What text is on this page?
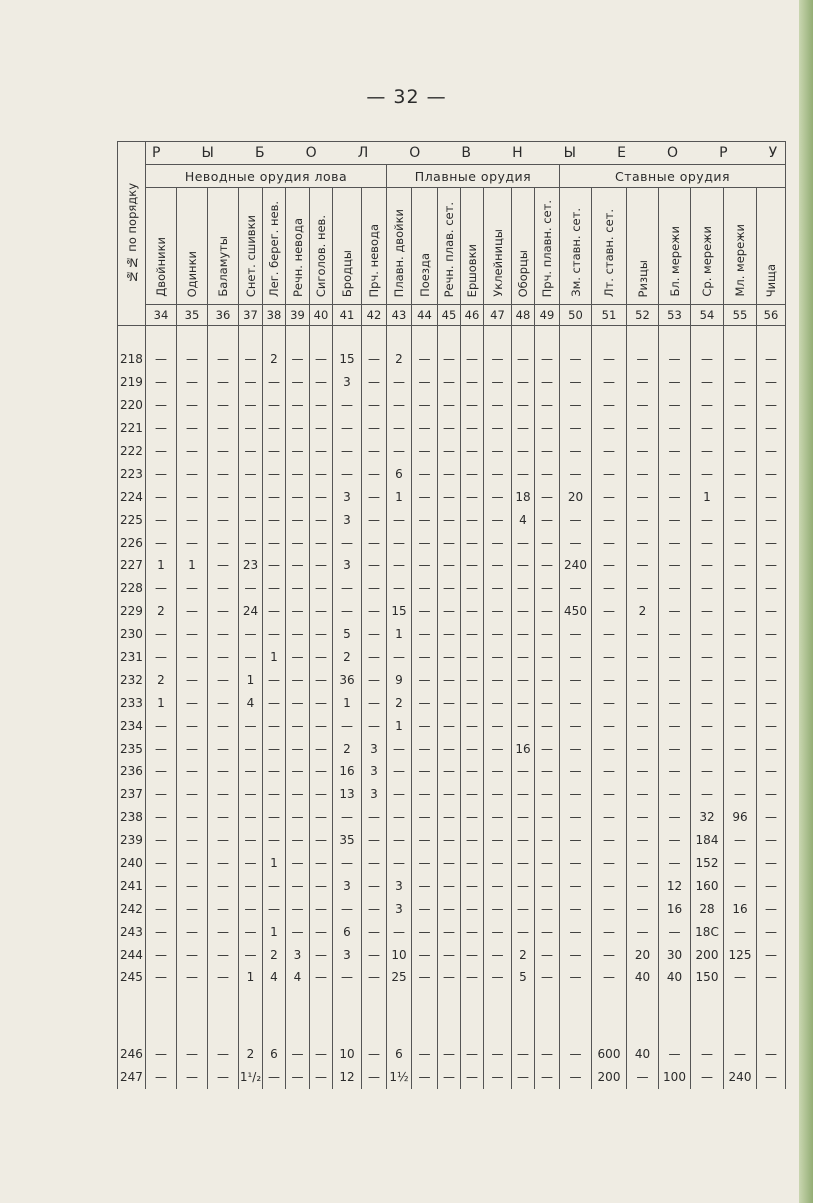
— 32 —
№№ по порядку	Р Ы Б О Л О В Н Ы Е О Р У																						
	Неводные орудия лова									Плавные орудия							Ставные орудия						
	Двойники	Одинки	Баламуты	Снет. сшивки	Лег. берег. нев.	Речн. невода	Сиголов. нев.	Бродцы	Прч. невода	Плавн. двойки	Поезда	Речн. плав. сет.	Ершовки	Уклейницы	Оборцы	Прч. плавн. сет.	Зм. ставн. сет.	Лт. ставн. сет.	Ризцы	Бл. мережи	Ср. мережи	Мл. мережи	Чища
	34	35	36	37	38	39	40	41	42	43	44	45	46	47	48	49	50	51	52	53	54	55	56

218	—	—	—	—	2	—	—	15	—	2	—	—	—	—	—	—	—	—	—	—	—	—	—
219	—	—	—	—	—	—	—	3	—	—	—	—	—	—	—	—	—	—	—	—	—	—	—
220	—	—	—	—	—	—	—	—	—	—	—	—	—	—	—	—	—	—	—	—	—	—	—
221	—	—	—	—	—	—	—	—	—	—	—	—	—	—	—	—	—	—	—	—	—	—	—
222	—	—	—	—	—	—	—	—	—	—	—	—	—	—	—	—	—	—	—	—	—	—	—
223	—	—	—	—	—	—	—	—	—	6	—	—	—	—	—	—	—	—	—	—	—	—	—
224	—	—	—	—	—	—	—	3	—	1	—	—	—	—	18	—	20	—	—	—	1	—	—
225	—	—	—	—	—	—	—	3	—	—	—	—	—	—	4	—	—	—	—	—	—	—	—
226	—	—	—	—	—	—	—	—	—	—	—	—	—	—	—	—	—	—	—	—	—	—	—
227	1	1	—	23	—	—	—	3	—	—	—	—	—	—	—	—	240	—	—	—	—	—	—
228	—	—	—	—	—	—	—	—	—	—	—	—	—	—	—	—	—	—	—	—	—	—	—
229	2	—	—	24	—	—	—	—	—	15	—	—	—	—	—	—	450	—	2	—	—	—	—
230	—	—	—	—	—	—	—	5	—	1	—	—	—	—	—	—	—	—	—	—	—	—	—
231	—	—	—	—	1	—	—	2	—	—	—	—	—	—	—	—	—	—	—	—	—	—	—
232	2	—	—	1	—	—	—	36	—	9	—	—	—	—	—	—	—	—	—	—	—	—	—
233	1	—	—	4	—	—	—	1	—	2	—	—	—	—	—	—	—	—	—	—	—	—	—
234	—	—	—	—	—	—	—	—	—	1	—	—	—	—	—	—	—	—	—	—	—	—	—
235	—	—	—	—	—	—	—	2	3	—	—	—	—	—	16	—	—	—	—	—	—	—	—
236	—	—	—	—	—	—	—	16	3	—	—	—	—	—	—	—	—	—	—	—	—	—	—
237	—	—	—	—	—	—	—	13	3	—	—	—	—	—	—	—	—	—	—	—	—	—	—
238	—	—	—	—	—	—	—	—	—	—	—	—	—	—	—	—	—	—	—	—	32	96	—
239	—	—	—	—	—	—	—	35	—	—	—	—	—	—	—	—	—	—	—	—	184	—	—
240	—	—	—	—	1	—	—	—	—	—	—	—	—	—	—	—	—	—	—	—	152	—	—
241	—	—	—	—	—	—	—	3	—	3	—	—	—	—	—	—	—	—	—	12	160	—	—
242	—	—	—	—	—	—	—	—	—	3	—	—	—	—	—	—	—	—	—	16	28	16	—
243	—	—	—	—	1	—	—	6	—	—	—	—	—	—	—	—	—	—	—	—	18C	—	—
244	—	—	—	—	2	3	—	3	—	10	—	—	—	—	2	—	—	—	20	30	200	125	—
245	—	—	—	1	4	4	—	—	—	25	—	—	—	—	5	—	—	—	40	40	150	—	—

246	—	—	—	2	6	—	—	10	—	6	—	—	—	—	—	—	—	600	40	—	—	—	—
247	—	—	—	1¹/₂	—	—	—	12	—	1½	—	—	—	—	—	—	—	200	—	100	—	240	—
